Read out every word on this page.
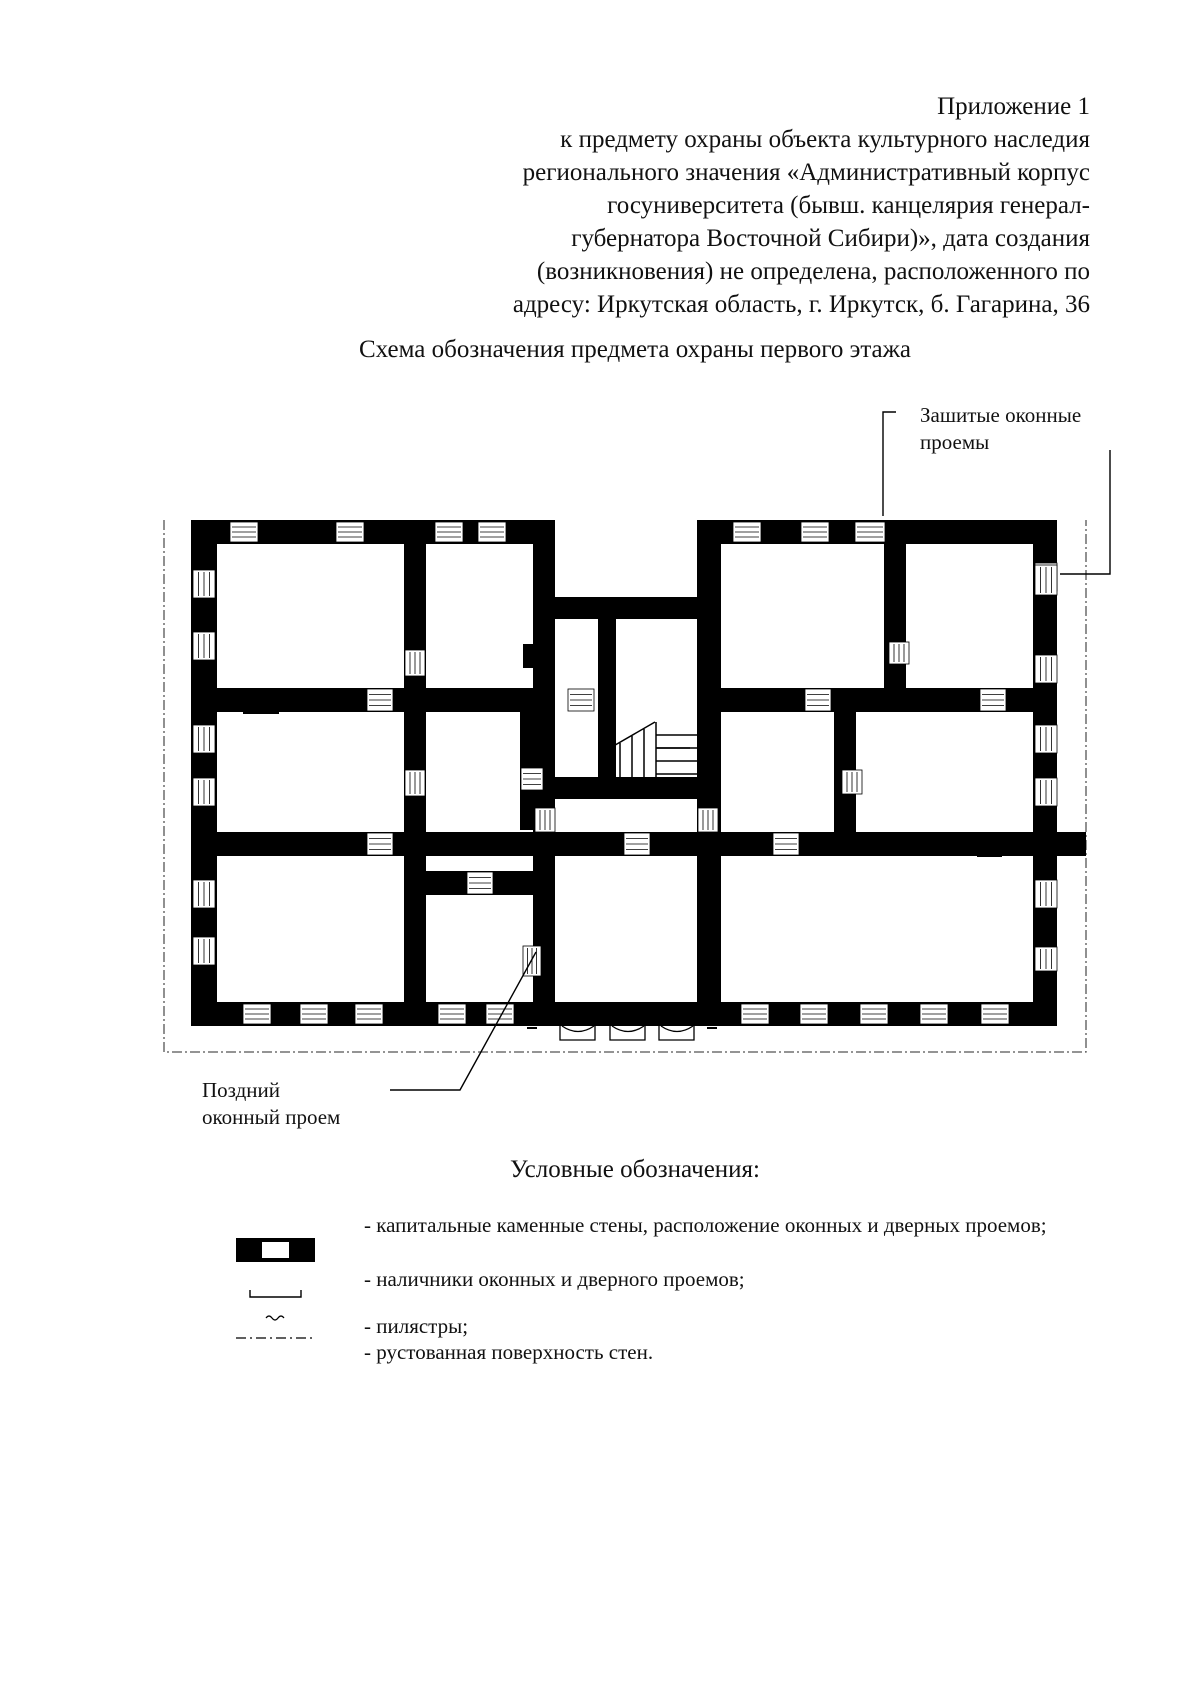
Приложение 1
к предмету охраны объекта культурного наследия
регионального значения «Административный корпус
госуниверситета (бывш. канцелярия генерал-
губернатора Восточной Сибири)», дата создания
(возникновения) не определена, расположенного по
адресу: Иркутская область, г. Иркутск, б. Гагарина, 36
Схема обозначения предмета охраны первого этажа
Зашитые оконные
проемы
Поздний
оконный проем
Условные обозначения:
- капитальные каменные стены, расположение оконных и дверных проемов;
- наличники оконных и дверного проемов;
- пилястры;
- рустованная поверхность стен.
